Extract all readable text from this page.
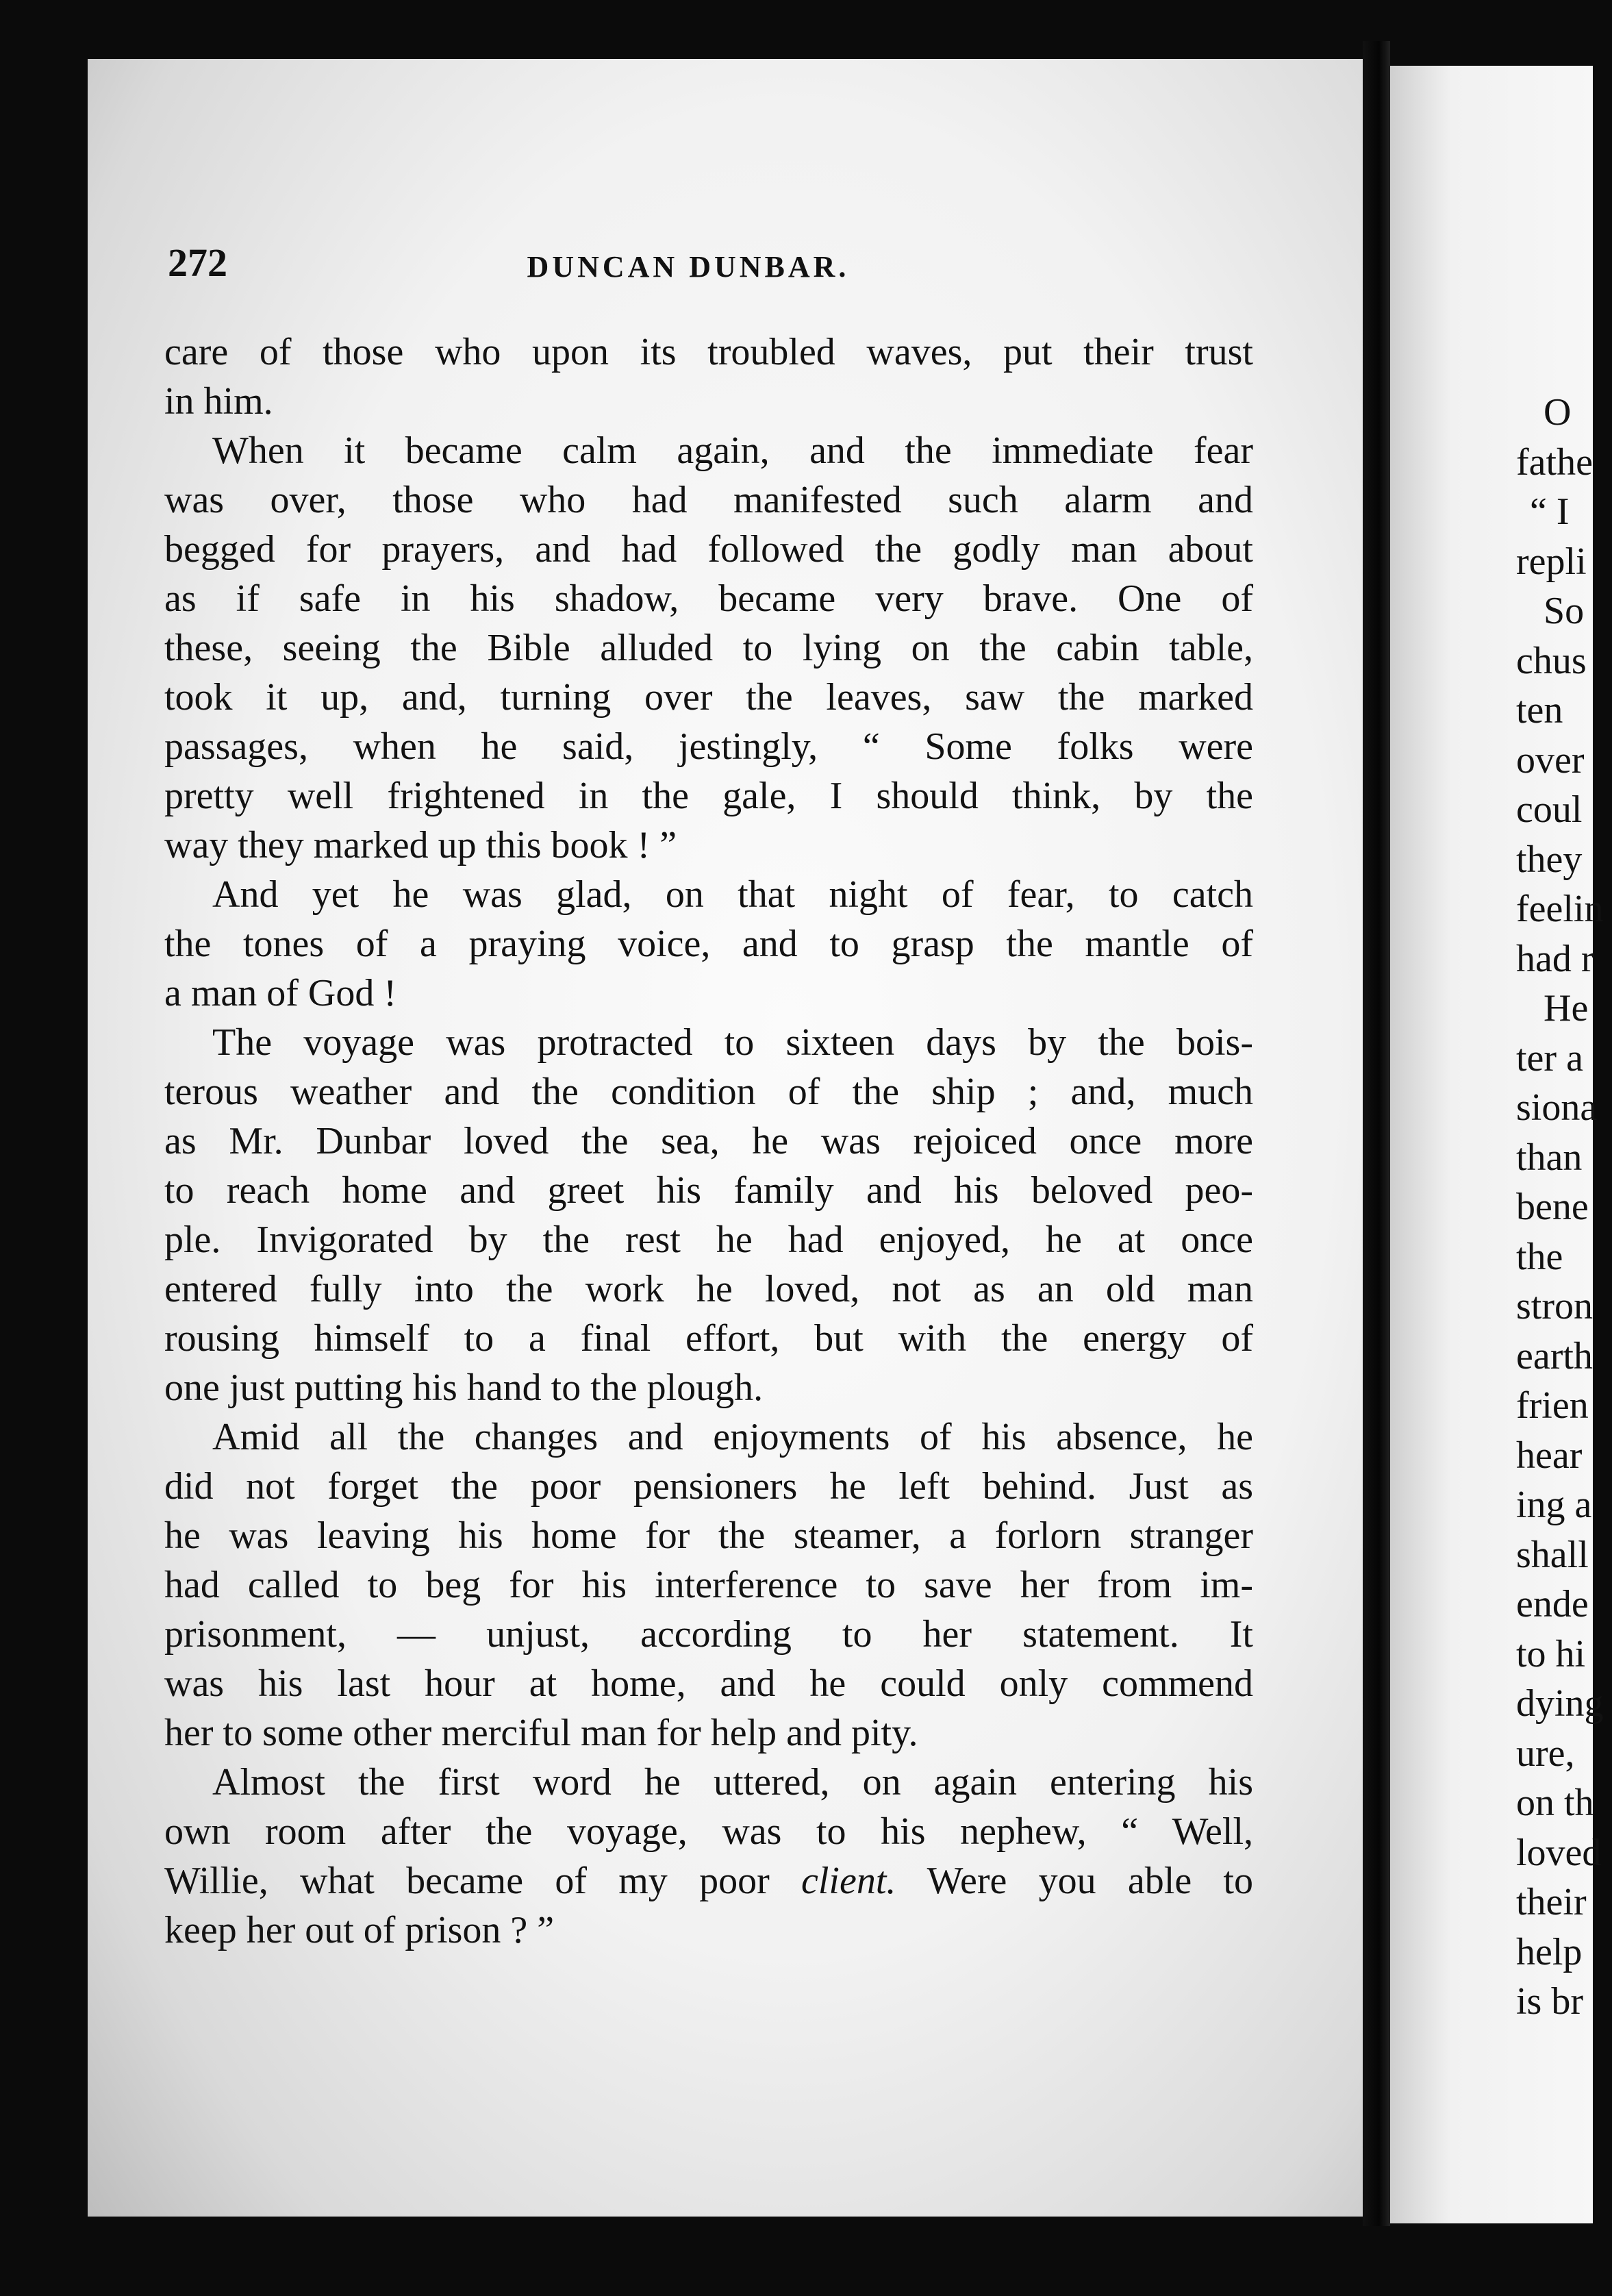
O
fathe
“ I
repli
So
chus
ten
over
coul
they
feelin
had r
He
ter a
siona
than
bene
the
stron
earth
frien
hear
ing a
shall
ende
to hi
dying
ure,
on th
loved
their
help
is br
272	DUNCAN DUNBAR.
care of those who upon its troubled waves, put their trust
in him.
When it became calm again, and the immediate fear
was over, those who had manifested such alarm and
begged for prayers, and had followed the godly man about
as if safe in his shadow, became very brave. One of
these, seeing the Bible alluded to lying on the cabin table,
took it up, and, turning over the leaves, saw the marked
passages, when he said, jestingly, “ Some folks were
pretty well frightened in the gale, I should think, by the
way they marked up this book ! ”
And yet he was glad, on that night of fear, to catch
the tones of a praying voice, and to grasp the mantle of
a man of God !
The voyage was protracted to sixteen days by the bois-
terous weather and the condition of the ship ; and, much
as Mr. Dunbar loved the sea, he was rejoiced once more
to reach home and greet his family and his beloved peo-
ple. Invigorated by the rest he had enjoyed, he at once
entered fully into the work he loved, not as an old man
rousing himself to a final effort, but with the energy of
one just putting his hand to the plough.
Amid all the changes and enjoyments of his absence, he
did not forget the poor pensioners he left behind. Just as
he was leaving his home for the steamer, a forlorn stranger
had called to beg for his interference to save her from im-
prisonment, — unjust, according to her statement. It
was his last hour at home, and he could only commend
her to some other merciful man for help and pity.
Almost the first word he uttered, on again entering his
own room after the voyage, was to his nephew, “ Well,
Willie, what became of my poor client. Were you able to
keep her out of prison ? ”
